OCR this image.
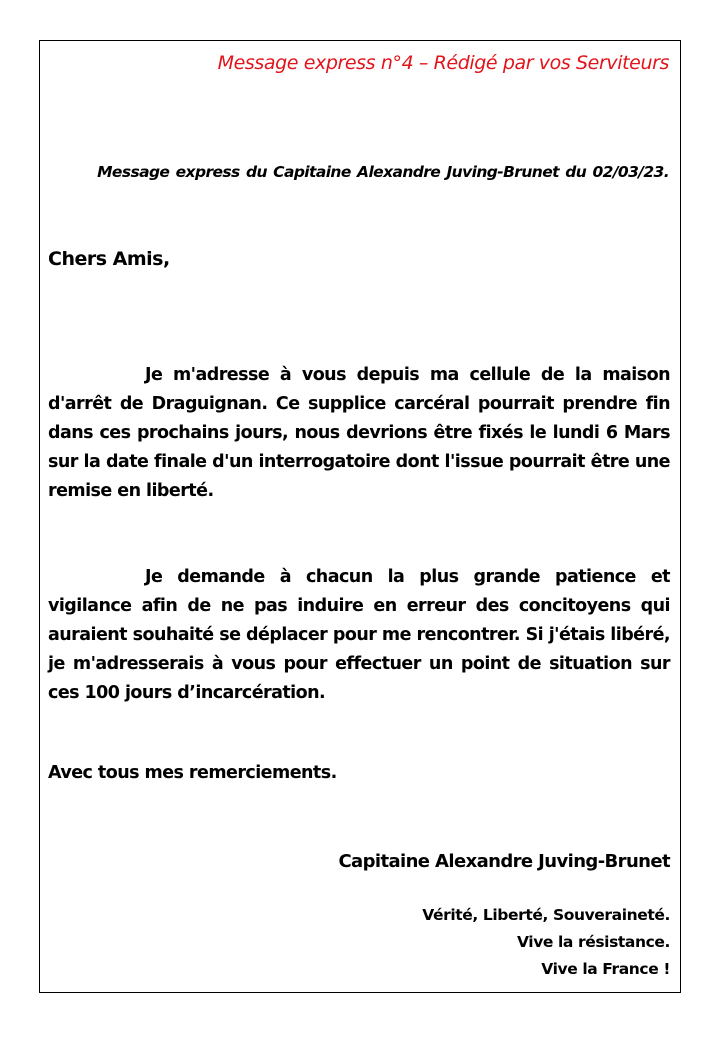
Message express n°4 – Rédigé par vos Serviteurs
Message express du Capitaine Alexandre Juving-Brunet du 02/03/23.
Chers Amis,
Je m'adresse à vous depuis ma cellule de la maison d'arrêt de Draguignan. Ce supplice carcéral pourrait prendre fin dans ces prochains jours, nous devrions être fixés le lundi 6 Mars sur la date finale d'un interrogatoire dont l'issue pourrait être une remise en liberté.
Je demande à chacun la plus grande patience et vigilance afin de ne pas induire en erreur des concitoyens qui auraient souhaité se déplacer pour me rencontrer. Si j'étais libéré, je m'adresserais à vous pour effectuer un point de situation sur ces 100 jours d’incarcération.
Avec tous mes remerciements.
Capitaine Alexandre Juving-Brunet
Vérité, Liberté, Souveraineté.
Vive la résistance.
Vive la France !
